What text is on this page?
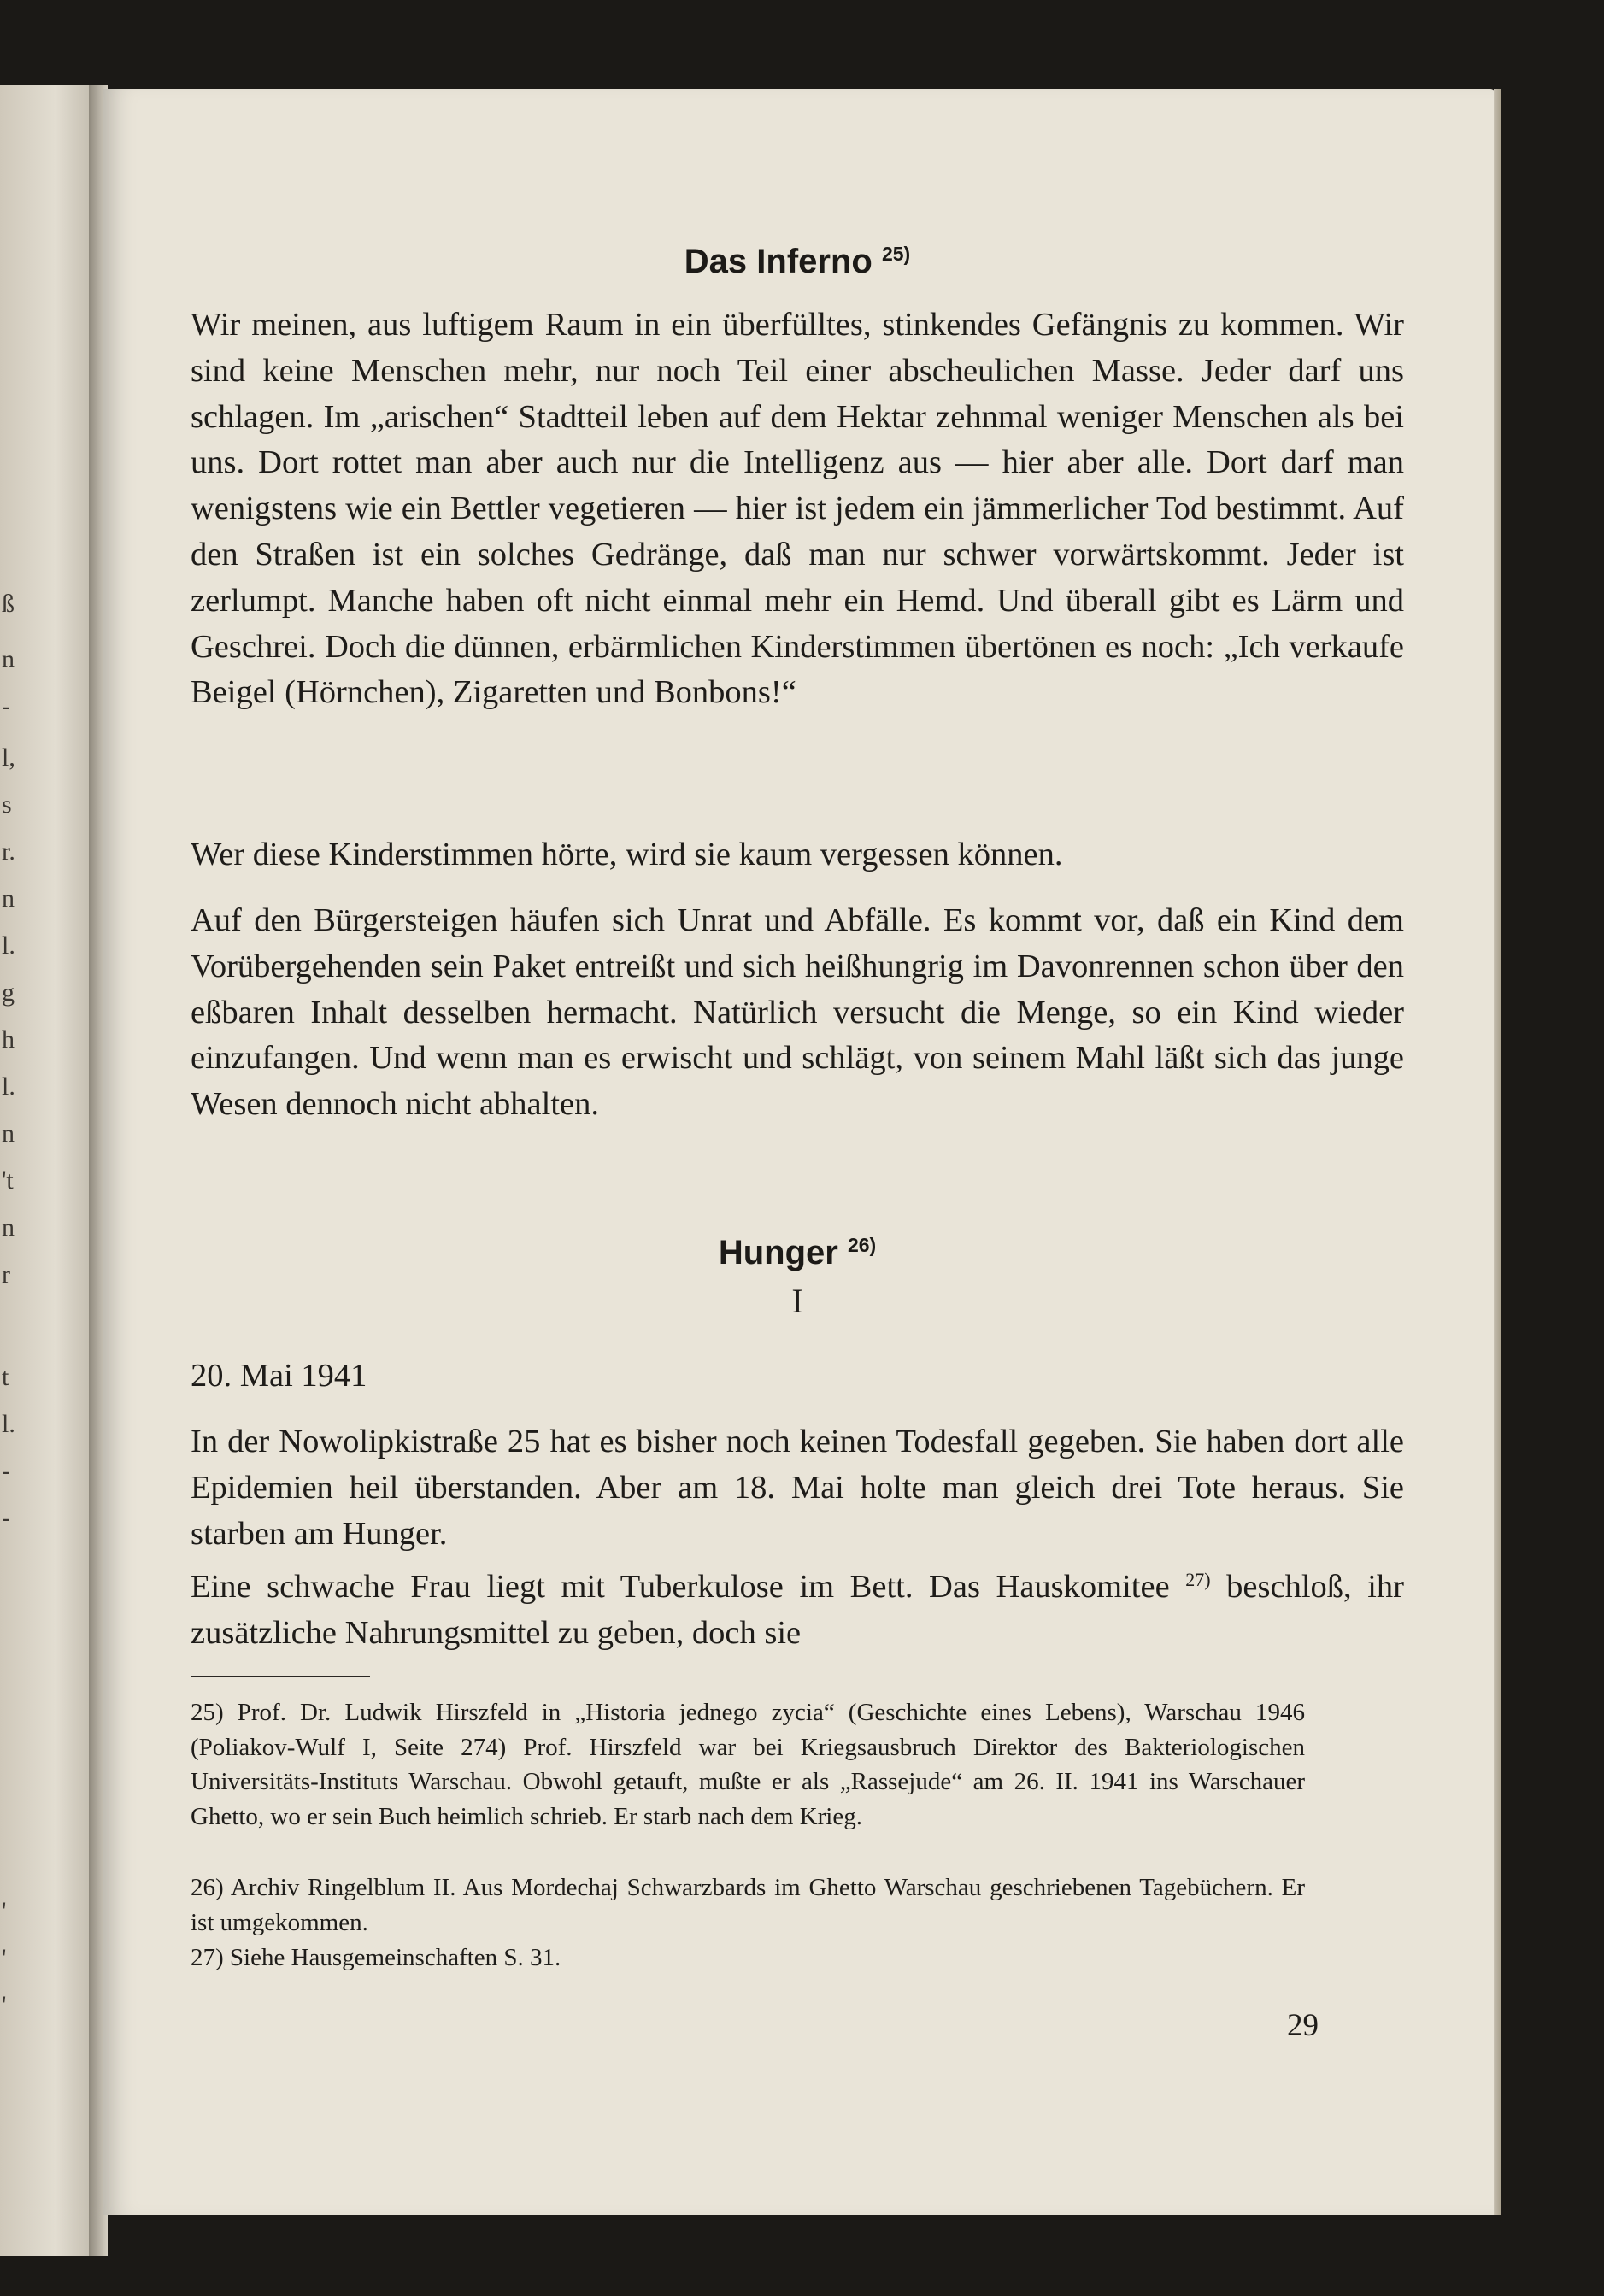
ß
n
-
l,
s
r.
n
l.
g
h
l.
n
't
n
r
t
l.
-
-
'
'
'
Das Inferno $^{25)}$

Wir meinen, aus luftigem Raum in ein überfülltes, stinkendes Gefängnis zu kommen. Wir sind keine Menschen mehr, nur noch Teil einer abscheulichen Masse. Jeder darf uns schlagen. Im „arischen“ Stadtteil leben auf dem Hektar zehnmal weniger Menschen als bei uns. Dort rottet man aber auch nur die Intelligenz aus — hier aber alle. Dort darf man wenigstens wie ein Bettler vegetieren — hier ist jedem ein jämmerlicher Tod bestimmt. Auf den Straßen ist ein solches Gedränge, daß man nur schwer vorwärtskommt. Jeder ist zerlumpt. Manche haben oft nicht einmal mehr ein Hemd. Und überall gibt es Lärm und Geschrei. Doch die dünnen, erbärmlichen Kinderstimmen übertönen es noch: „Ich verkaufe Beigel (Hörnchen), Zigaretten und Bonbons!“

Wer diese Kinderstimmen hörte, wird sie kaum vergessen können.

Auf den Bürgersteigen häufen sich Unrat und Abfälle. Es kommt vor, daß ein Kind dem Vorübergehenden sein Paket entreißt und sich heißhungrig im Davonrennen schon über den eßbaren Inhalt desselben hermacht. Natürlich versucht die Menge, so ein Kind wieder einzufangen. Und wenn man es erwischt und schlägt, von seinem Mahl läßt sich das junge Wesen dennoch nicht abhalten.

Hunger $^{26)}$
I

20. Mai 1941

In der Nowolipkistraße 25 hat es bisher noch keinen Todesfall gegeben. Sie haben dort alle Epidemien heil überstanden. Aber am 18. Mai holte man gleich drei Tote heraus. Sie starben am Hunger.

Eine schwache Frau liegt mit Tuberkulose im Bett. Das Hauskomitee $^{27)}$ beschloß, ihr zusätzliche Nahrungsmittel zu geben, doch sie

25) Prof. Dr. Ludwik Hirszfeld in „Historia jednego zycia“ (Geschichte eines Lebens), Warschau 1946 (Poliakov-Wulf I, Seite 274) Prof. Hirszfeld war bei Kriegsausbruch Direktor des Bakteriologischen Universitäts-Instituts Warschau. Obwohl getauft, mußte er als „Rassejude“ am 26. II. 1941 ins Warschauer Ghetto, wo er sein Buch heimlich schrieb. Er starb nach dem Krieg.

26) Archiv Ringelblum II. Aus Mordechaj Schwarzbards im Ghetto Warschau geschriebenen Tagebüchern. Er ist umgekommen.

27) Siehe Hausgemeinschaften S. 31.

29
